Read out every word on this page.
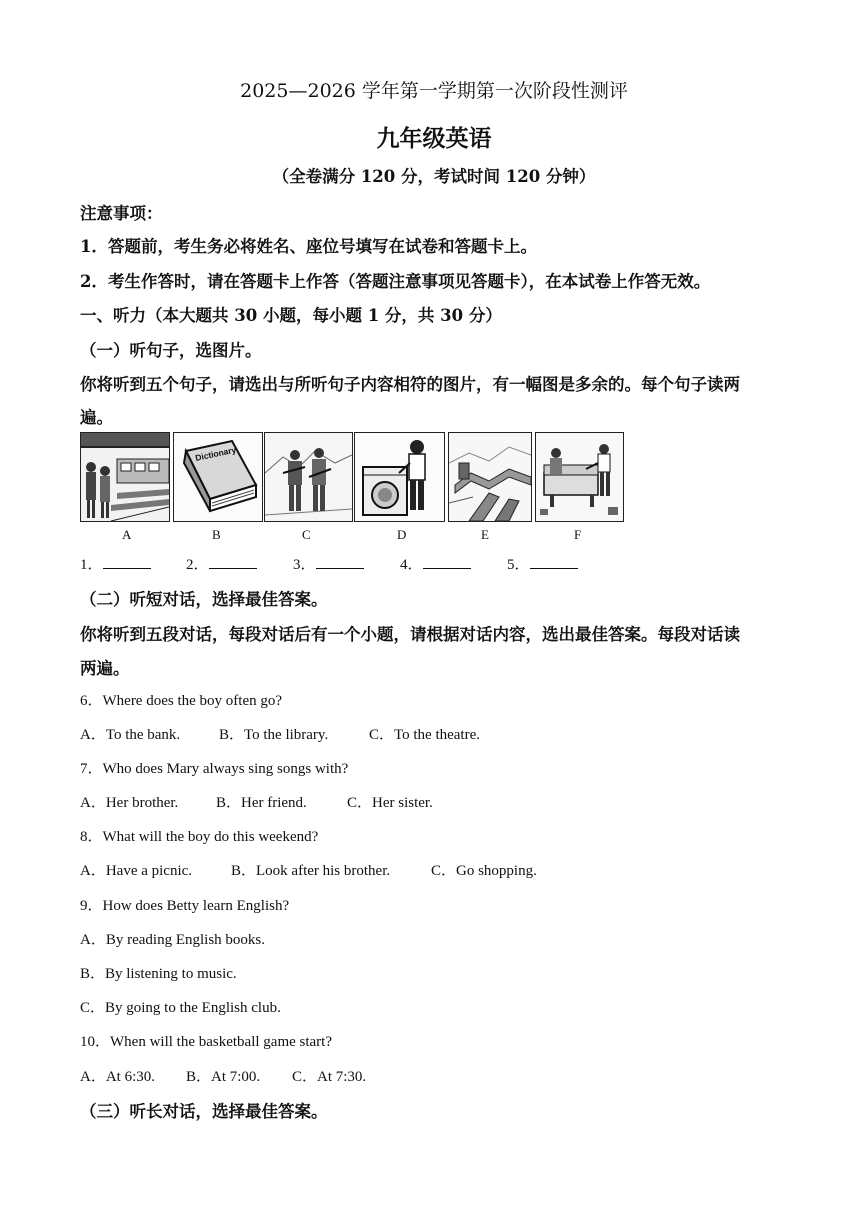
2025—2026 学年第一学期第一次阶段性测评
九年级英语
（全卷满分 120 分，考试时间 120 分钟）
注意事项：
1．答题前，考生务必将姓名、座位号填写在试卷和答题卡上。
2．考生作答时，请在答题卡上作答（答题注意事项见答题卡），在本试卷上作答无效。
一、听力（本大题共 30 小题，每小题 1 分，共 30 分）
（一）听句子，选图片。
你将听到五个句子，请选出与所听句子内容相符的图片，有一幅图是多余的。每个句子读两
遍。
Dictionary
A	B	C	D	E	F
1．	2．	3．	4．	5．
（二）听短对话，选择最佳答案。
你将听到五段对话，每段对话后有一个小题，请根据对话内容，选出最佳答案。每段对话读
两遍。
6．Where does the boy often go?
A．To the bank.	B．To the library.	C．To the theatre.
7．Who does Mary always sing songs with?
A．Her brother.	B．Her friend.	C．Her sister.
8．What will the boy do this weekend?
A．Have a picnic.	B．Look after his brother.	C．Go shopping.
9．How does Betty learn English?
A．By reading English books.
B．By listening to music.
C．By going to the English club.
10．When will the basketball game start?
A．At 6:30. B．At 7:00. C．At 7:30.
（三）听长对话，选择最佳答案。
